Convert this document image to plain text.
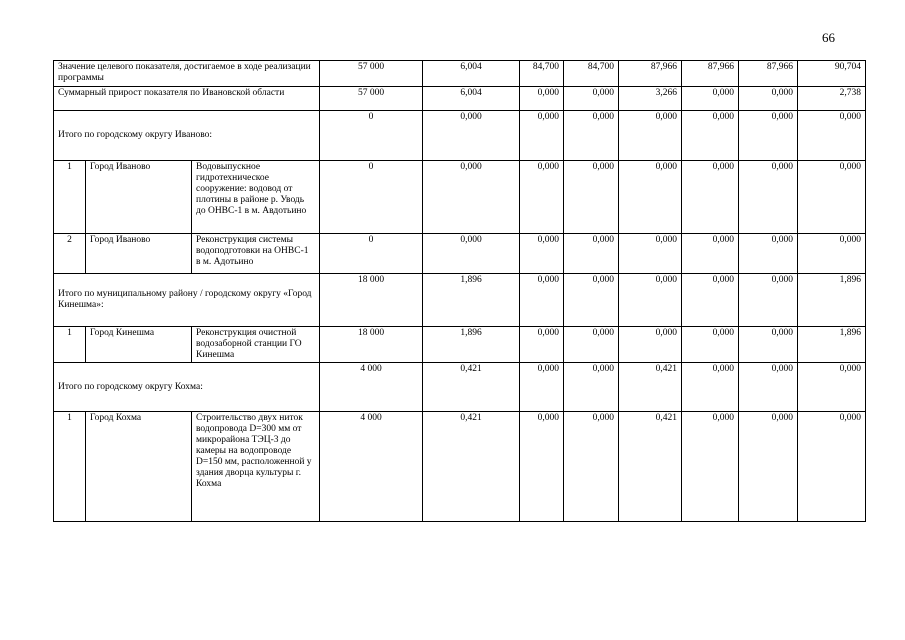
66
Значение целевого показателя, достигаемое в ходе реализации программы			57 000	6,004	84,700	84,700	87,966	87,966	87,966	90,704
Суммарный прирост показателя по Ивановской области			57 000	6,004	0,000	0,000	3,266	0,000	0,000	2,738
Итого по городскому округу Иваново:			0	0,000	0,000	0,000	0,000	0,000	0,000	0,000
1	Город Иваново	Водовыпускное гидротехническое сооружение: водовод от плотины в районе р. Уводь до ОНВС-1 в м. Авдотьино	0	0,000	0,000	0,000	0,000	0,000	0,000	0,000
2	Город Иваново	Реконструкция системы водоподготовки на ОНВС-1 в м. Адотьино	0	0,000	0,000	0,000	0,000	0,000	0,000	0,000
Итого по муниципальному району / городскому округу «Город Кинешма»:			18 000	1,896	0,000	0,000	0,000	0,000	0,000	1,896
1	Город Кинешма	Реконструкция очистной водозаборной станции ГО Кинешма	18 000	1,896	0,000	0,000	0,000	0,000	0,000	1,896
Итого по городскому округу Кохма:			4 000	0,421	0,000	0,000	0,421	0,000	0,000	0,000
1	Город Кохма	Строительство двух ниток водопровода D=300 мм от микрорайона ТЭЦ-3 до камеры на водопроводе D=150 мм, расположенной у здания дворца культуры г. Кохма	4 000	0,421	0,000	0,000	0,421	0,000	0,000	0,000
